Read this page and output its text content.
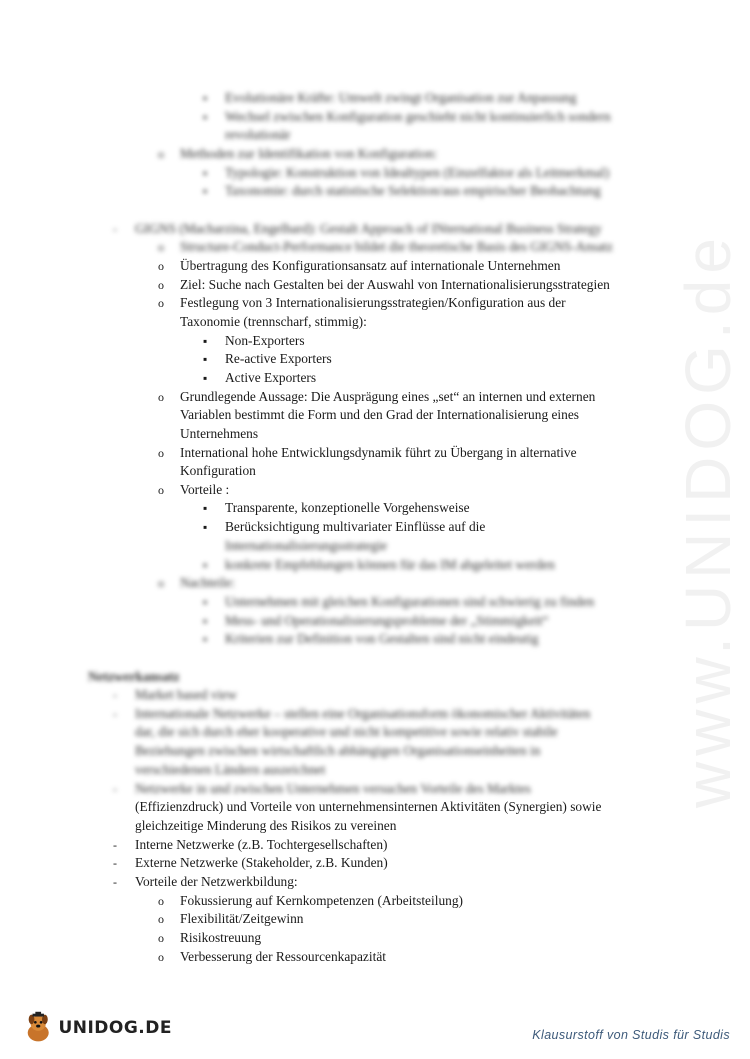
www.UNIDOG.de
▪
Evolutionäre Kräfte: Umwelt zwingt Organisation zur Anpassung
▪
Wechsel zwischen Konfiguration geschieht nicht kontinuierlich sondern
revolutionär
o
Methoden zur Identifikation von Konfiguration:
▪
Typologie: Konstruktion von Idealtypen (Einzelfaktor als Leitmerkmal)
▪
Taxonomie: durch statistische Selektion/aus empirischer Beobachtung
-
GIGNS (Macharzina, Engelhard): Gestalt Approach of INternational Business Strategy
o
Structure-Conduct-Performance bildet die theoretische Basis des GIGNS-Ansatz
o
Übertragung des Konfigurationsansatz auf internationale Unternehmen
o
Ziel: Suche nach Gestalten bei der Auswahl von Internationalisierungsstrategien
o
Festlegung von 3 Internationalisierungsstrategien/Konfiguration aus der
Taxonomie (trennscharf, stimmig):
▪
Non-Exporters
▪
Re-active Exporters
▪
Active Exporters
o
Grundlegende Aussage: Die Ausprägung eines „set“ an internen und externen
Variablen bestimmt die Form und den Grad der Internationalisierung eines
Unternehmens
o
International hohe Entwicklungsdynamik führt zu Übergang in alternative
Konfiguration
o
Vorteile :
▪
Transparente, konzeptionelle Vorgehensweise
▪
Berücksichtigung multivariater Einflüsse auf die
Internationalisierungsstrategie
▪
konkrete Empfehlungen können für das IM abgeleitet werden
o
Nachteile:
▪
Unternehmen mit gleichen Konfigurationen sind schwierig zu finden
▪
Mess- und Operationalisierungsprobleme der „Stimmigkeit“
▪
Kriterien zur Definition von Gestalten sind nicht eindeutig
Netzwerkansatz
-
Market based view
-
Internationale Netzwerke – stellen eine Organisationsform ökonomischer Aktivitäten
dar, die sich durch eher kooperative und nicht kompetitive sowie relativ stabile
Beziehungen zwischen wirtschaftlich abhängigen Organisationseinheiten in
verschiedenen Ländern auszeichnet
-
Netzwerke in und zwischen Unternehmen versuchen Vorteile des Marktes
(Effizienzdruck) und Vorteile von unternehmensinternen Aktivitäten (Synergien) sowie
gleichzeitige Minderung des Risikos zu vereinen
-
Interne Netzwerke (z.B. Tochtergesellschaften)
-
Externe Netzwerke (Stakeholder, z.B. Kunden)
-
Vorteile der Netzwerkbildung:
o
Fokussierung auf Kernkompetenzen (Arbeitsteilung)
o
Flexibilität/Zeitgewinn
o
Risikostreuung
o
Verbesserung der Ressourcenkapazität
UNIDOG.DE	Klausurstoff von Studis für Studis
